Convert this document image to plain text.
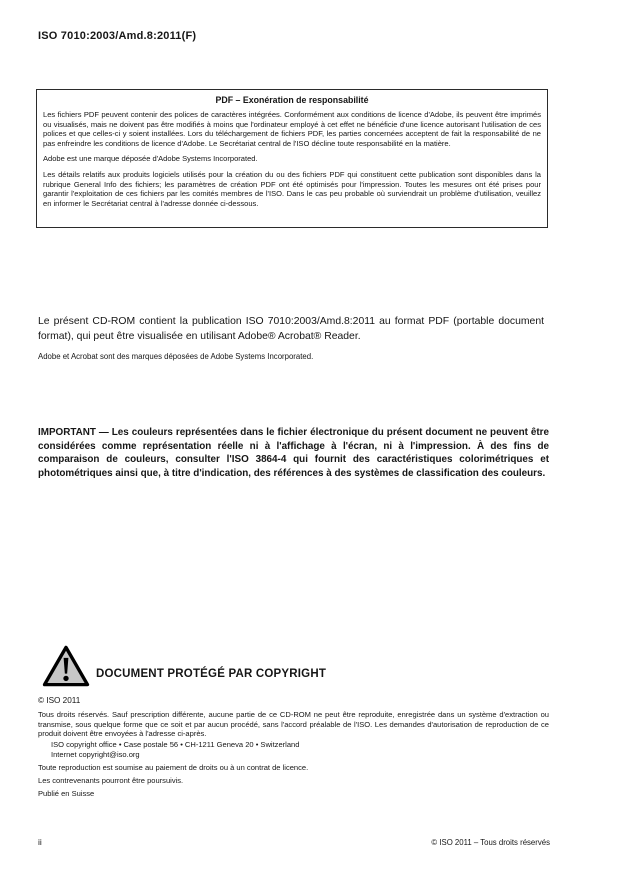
ISO 7010:2003/Amd.8:2011(F)
PDF – Exonération de responsabilité

Les fichiers PDF peuvent contenir des polices de caractères intégrées. Conformément aux conditions de licence d'Adobe, ils peuvent être imprimés ou visualisés, mais ne doivent pas être modifiés à moins que l'ordinateur employé à cet effet ne bénéficie d'une licence autorisant l'utilisation de ces polices et que celles-ci y soient installées. Lors du téléchargement de fichiers PDF, les parties concernées acceptent de fait la responsabilité de ne pas enfreindre les conditions de licence d'Adobe. Le Secrétariat central de l'ISO décline toute responsabilité en la matière.

Adobe est une marque déposée d'Adobe Systems Incorporated.

Les détails relatifs aux produits logiciels utilisés pour la création du ou des fichiers PDF qui constituent cette publication sont disponibles dans la rubrique General Info des fichiers; les paramètres de création PDF ont été optimisés pour l'impression. Toutes les mesures ont été prises pour garantir l'exploitation de ces fichiers par les comités membres de l'ISO. Dans le cas peu probable où surviendrait un problème d'utilisation, veuillez en informer le Secrétariat central à l'adresse donnée ci-dessous.

Le présent CD-ROM contient la publication ISO 7010:2003/Amd.8:2011 au format PDF (portable document format), qui peut être visualisée en utilisant Adobe® Acrobat® Reader.
Adobe et Acrobat sont des marques déposées de Adobe Systems Incorporated.
IMPORTANT — Les couleurs représentées dans le fichier électronique du présent document ne peuvent être considérées comme représentation réelle ni à l'affichage à l'écran, ni à l'impression. À des fins de comparaison de couleurs, consulter l'ISO 3864-4 qui fournit des caractéristiques colorimétriques et photométriques ainsi que, à titre d'indication, des références à des systèmes de classification des couleurs.
DOCUMENT PROTÉGÉ PAR COPYRIGHT
© ISO 2011
Tous droits réservés. Sauf prescription différente, aucune partie de ce CD-ROM ne peut être reproduite, enregistrée dans un système d'extraction ou transmise, sous quelque forme que ce soit et par aucun procédé, sans l'accord préalable de l'ISO. Les demandes d'autorisation de reproduction de ce produit doivent être envoyées à l'adresse ci-après.
ISO copyright office • Case postale 56 • CH-1211 Geneva 20 • Switzerland
Internet copyright@iso.org
Toute reproduction est soumise au paiement de droits ou à un contrat de licence.
Les contrevenants pourront être poursuivis.
Publié en Suisse
ii	© ISO 2011 – Tous droits réservés
